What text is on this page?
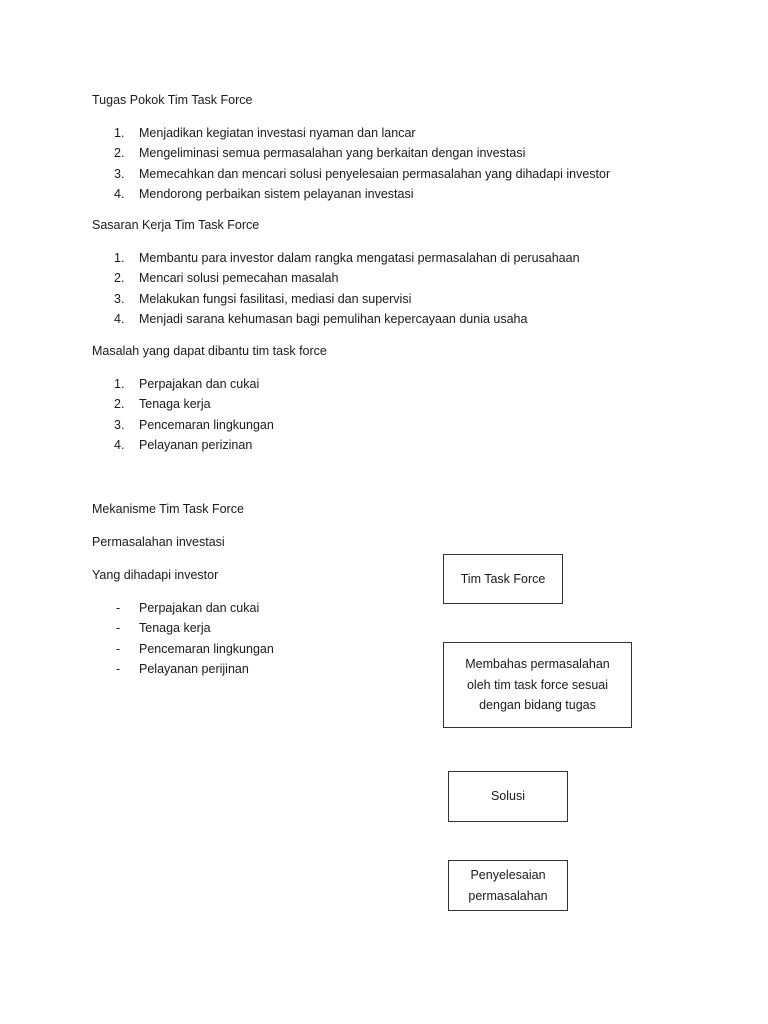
Tugas Pokok Tim Task Force

1.	Menjadikan kegiatan investasi nyaman dan lancar
2.	Mengeliminasi semua permasalahan yang berkaitan dengan investasi
3.	Memecahkan dan mencari solusi penyelesaian permasalahan yang dihadapi investor
4.	Mendorong perbaikan sistem pelayanan investasi

Sasaran Kerja Tim Task Force

1.	Membantu para investor dalam rangka mengatasi permasalahan di perusahaan
2.	Mencari solusi pemecahan masalah
3.	Melakukan fungsi fasilitasi, mediasi dan supervisi
4.	Menjadi sarana kehumasan bagi pemulihan kepercayaan dunia usaha

Masalah yang dapat dibantu tim task force

1.	Perpajakan dan cukai
2.	Tenaga kerja
3.	Pencemaran lingkungan
4.	Pelayanan perizinan

Mekanisme Tim Task Force

Permasalahan investasi

Yang dihadapi investor

-	Perpajakan dan cukai
-	Tenaga kerja
-	Pencemaran lingkungan
-	Pelayanan perijinan
Tim Task Force
Membahas permasalahan oleh tim task force sesuai dengan bidang tugas
Solusi
Penyelesaian permasalahan
